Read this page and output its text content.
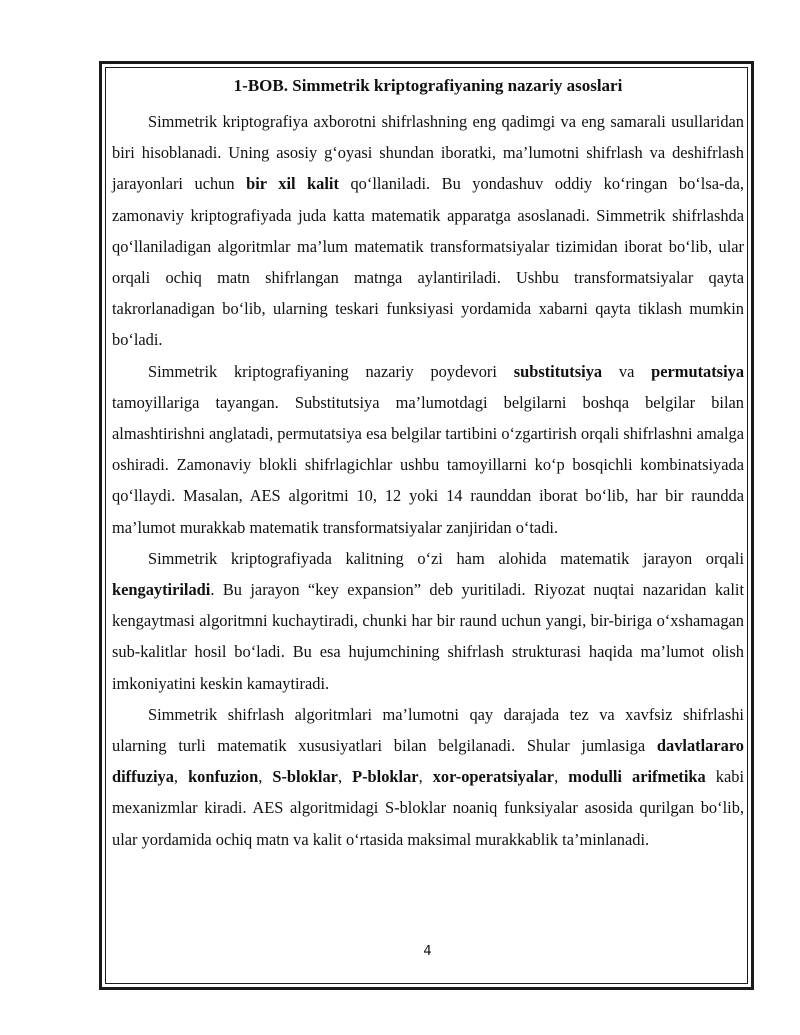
1-BOB. Simmetrik kriptografiyaning nazariy asoslari

Simmetrik kriptografiya axborotni shifrlashning eng qadimgi va eng samarali usullaridan biri hisoblanadi. Uning asosiy g‘oyasi shundan iboratki, ma’lumotni shifrlash va deshifrlash jarayonlari uchun bir xil kalit qo‘llaniladi. Bu yondashuv oddiy ko‘ringan bo‘lsa-da, zamonaviy kriptografiyada juda katta matematik apparatga asoslanadi. Simmetrik shifrlashda qo‘llaniladigan algoritmlar ma’lum matematik transformatsiyalar tizimidan iborat bo‘lib, ular orqali ochiq matn shifrlangan matnga aylantiriladi. Ushbu transformatsiyalar qayta takrorlanadigan bo‘lib, ularning teskari funksiyasi yordamida xabarni qayta tiklash mumkin bo‘ladi.

Simmetrik kriptografiyaning nazariy poydevori substitutsiya va permutatsiya tamoyillariga tayangan. Substitutsiya ma’lumotdagi belgilarni boshqa belgilar bilan almashtirishni anglatadi, permutatsiya esa belgilar tartibini o‘zgartirish orqali shifrlashni amalga oshiradi. Zamonaviy blokli shifrlagichlar ushbu tamoyillarni ko‘p bosqichli kombinatsiyada qo‘llaydi. Masalan, AES algoritmi 10, 12 yoki 14 raunddan iborat bo‘lib, har bir raundda ma’lumot murakkab matematik transformatsiyalar zanjiridan o‘tadi.

Simmetrik kriptografiyada kalitning o‘zi ham alohida matematik jarayon orqali kengaytiriladi. Bu jarayon “key expansion” deb yuritiladi. Riyozat nuqtai nazaridan kalit kengaytmasi algoritmni kuchaytiradi, chunki har bir raund uchun yangi, bir-biriga o‘xshamagan sub-kalitlar hosil bo‘ladi. Bu esa hujumchining shifrlash strukturasi haqida ma’lumot olish imkoniyatini keskin kamaytiradi.

Simmetrik shifrlash algoritmlari ma’lumotni qay darajada tez va xavfsiz shifrlashi ularning turli matematik xususiyatlari bilan belgilanadi. Shular jumlasiga davlatlararo diffuziya, konfuzion, S-bloklar, P-bloklar, xor-operatsiyalar, modulli arifmetika kabi mexanizmlar kiradi. AES algoritmidagi S-bloklar noaniq funksiyalar asosida qurilgan bo‘lib, ular yordamida ochiq matn va kalit o‘rtasida maksimal murakkablik ta’minlanadi.

4
